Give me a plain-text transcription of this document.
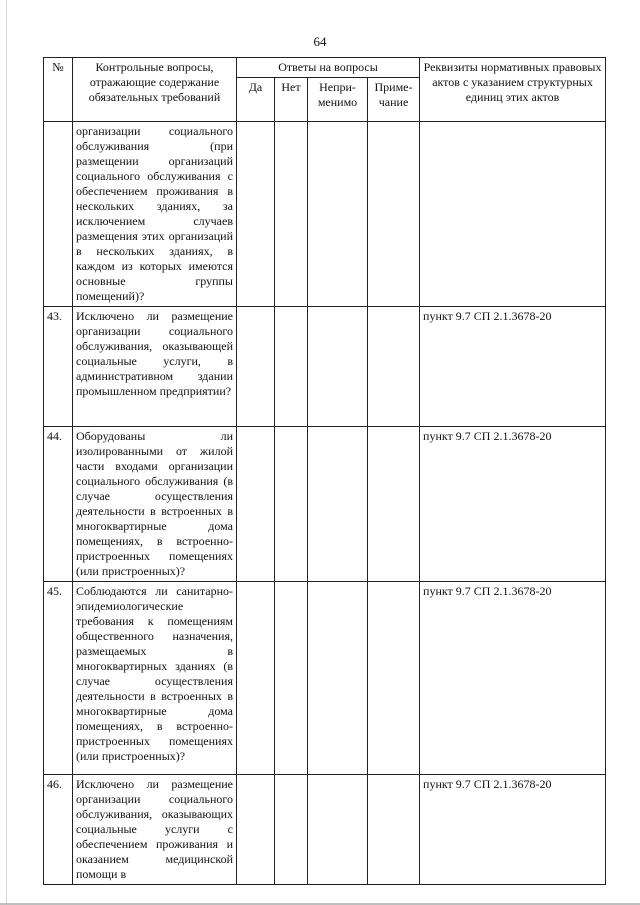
64
№	Контрольные вопросы, отражающие содержание обязательных требований	Ответы на вопросы				Реквизиты нормативных правовых актов с указанием структурных единиц этих актов
		Да	Нет	Непри-менимо	Приме-чание	
	организации социального обслуживания (при размещении организаций социального обслуживания с обеспечением проживания в нескольких зданиях, за исключением случаев размещения этих организаций в нескольких зданиях, в каждом из которых имеются основные группы помещений)?					
43.	Исключено ли размещение организации социального обслуживания, оказывающей социальные услуги, в административном здании промышленном предприятии?					пункт 9.7 СП 2.1.3678-20
44.	Оборудованы ли изолированными от жилой части входами организации социального обслуживания (в случае осуществления деятельности в встроенных в многоквартирные дома помещениях, в встроенно-пристроенных помещениях (или пристроенных)?					пункт 9.7 СП 2.1.3678-20
45.	Соблюдаются ли санитарно-эпидемиологические требования к помещениям общественного назначения, размещаемых в многоквартирных зданиях (в случае осуществления деятельности в встроенных в многоквартирные дома помещениях, в встроенно-пристроенных помещениях (или пристроенных)?					пункт 9.7 СП 2.1.3678-20
46.	Исключено ли размещение организации социального обслуживания, оказывающих социальные услуги с обеспечением проживания и оказанием медицинской помощи в					пункт 9.7 СП 2.1.3678-20
